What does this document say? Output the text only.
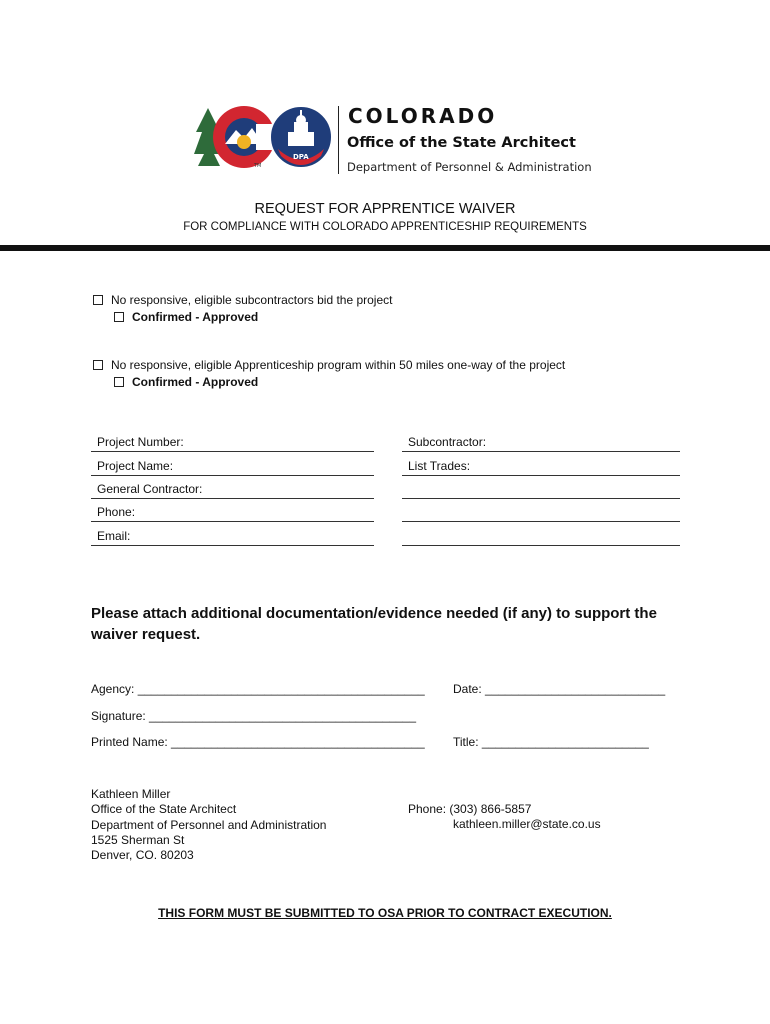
TM
DPA
COLORADO
Office of the State Architect
Department of Personnel & Administration
REQUEST FOR APPRENTICE WAIVER
FOR COMPLIANCE WITH COLORADO APPRENTICESHIP REQUIREMENTS
No responsive, eligible subcontractors bid the project
Confirmed - Approved
No responsive, eligible Apprenticeship program within 50 miles one-way of the project
Confirmed - Approved
Project Number:
Project Name:
General Contractor:
Phone:
Email:
Subcontractor:
List Trades:
Please attach additional documentation/evidence needed (if any) to support the waiver request.
Agency: ___________________________________________ Date: ___________________________
Signature: ________________________________________
Printed Name: ______________________________________ Title: _________________________
Kathleen Miller
Office of the State Architect
Department of Personnel and Administration
1525 Sherman St
Denver, CO. 80203
Phone: (303) 866-5857
kathleen.miller@state.co.us
THIS FORM MUST BE SUBMITTED TO OSA PRIOR TO CONTRACT EXECUTION.
